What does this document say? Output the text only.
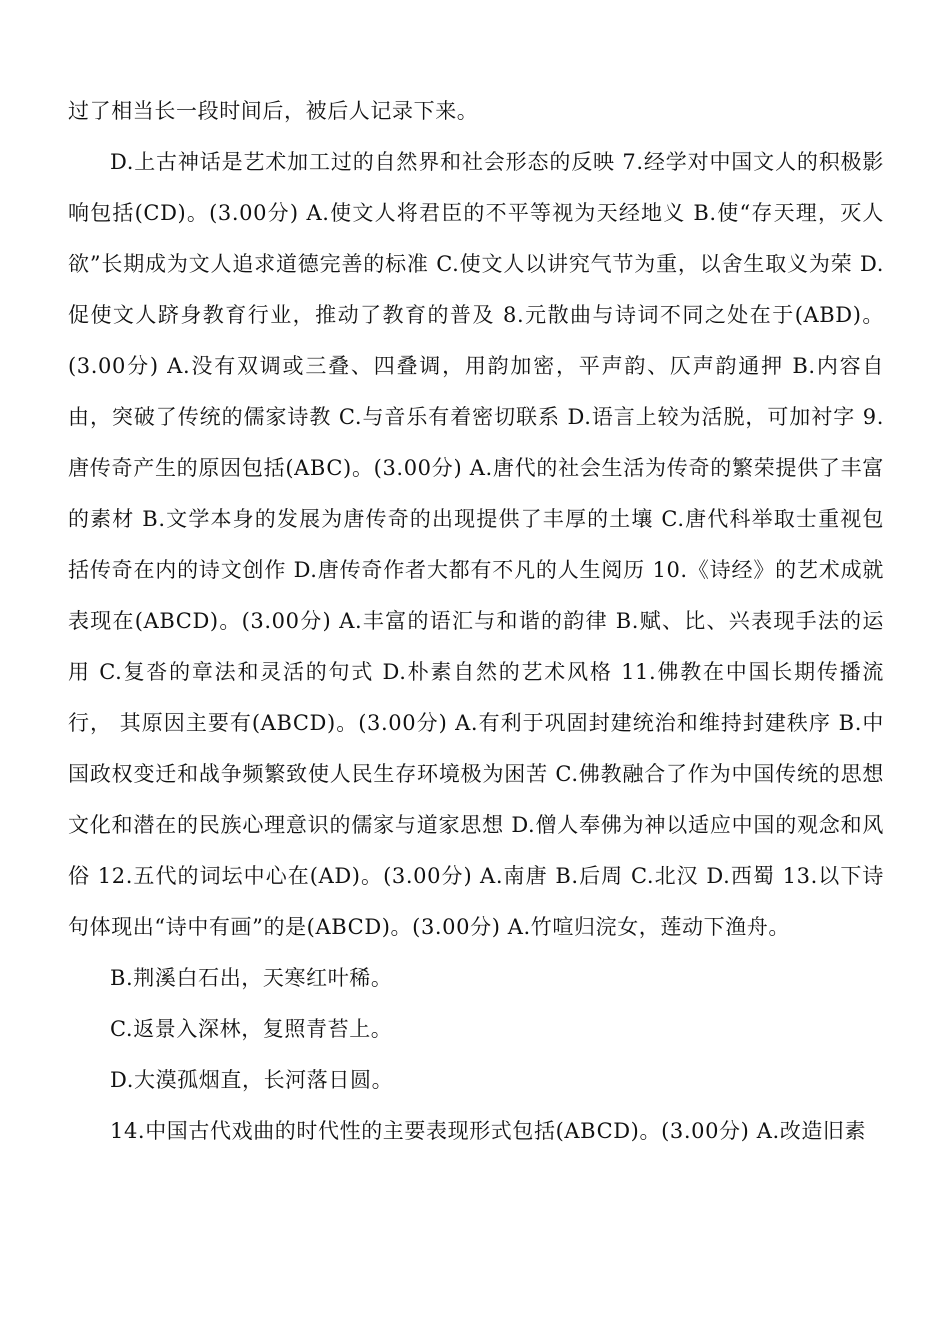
过了相当长一段时间后，被后人记录下来。

D.上古神话是艺术加工过的自然界和社会形态的反映 7.经学对中国文人的积极影响包括(CD)。(3.00分) A.使文人将君臣的不平等视为天经地义 B.使“存天理，灭人欲”长期成为文人追求道德完善的标准 C.使文人以讲究气节为重，以舍生取义为荣 D.促使文人跻身教育行业，推动了教育的普及 8.元散曲与诗词不同之处在于(ABD)。(3.00分) A.没有双调或三叠、四叠调，用韵加密，平声韵、仄声韵通押 B.内容自由，突破了传统的儒家诗教 C.与音乐有着密切联系 D.语言上较为活脱，可加衬字 9.唐传奇产生的原因包括(ABC)。(3.00分) A.唐代的社会生活为传奇的繁荣提供了丰富的素材 B.文学本身的发展为唐传奇的出现提供了丰厚的土壤 C.唐代科举取士重视包括传奇在内的诗文创作 D.唐传奇作者大都有不凡的人生阅历 10.《诗经》的艺术成就表现在(ABCD)。(3.00分) A.丰富的语汇与和谐的韵律 B.赋、比、兴表现手法的运用 C.复沓的章法和灵活的句式 D.朴素自然的艺术风格 11.佛教在中国长期传播流行， 其原因主要有(ABCD)。(3.00分) A.有利于巩固封建统治和维持封建秩序 B.中国政权变迁和战争频繁致使人民生存环境极为困苦 C.佛教融合了作为中国传统的思想文化和潜在的民族心理意识的儒家与道家思想 D.僧人奉佛为神以适应中国的观念和风俗 12.五代的词坛中心在(AD)。(3.00分) A.南唐 B.后周 C.北汉 D.西蜀 13.以下诗句体现出“诗中有画”的是(ABCD)。(3.00分) A.竹喧归浣女，莲动下渔舟。

B.荆溪白石出，天寒红叶稀。

C.返景入深林，复照青苔上。

D.大漠孤烟直，长河落日圆。

14.中国古代戏曲的时代性的主要表现形式包括(ABCD)。(3.00分) A.改造旧素
